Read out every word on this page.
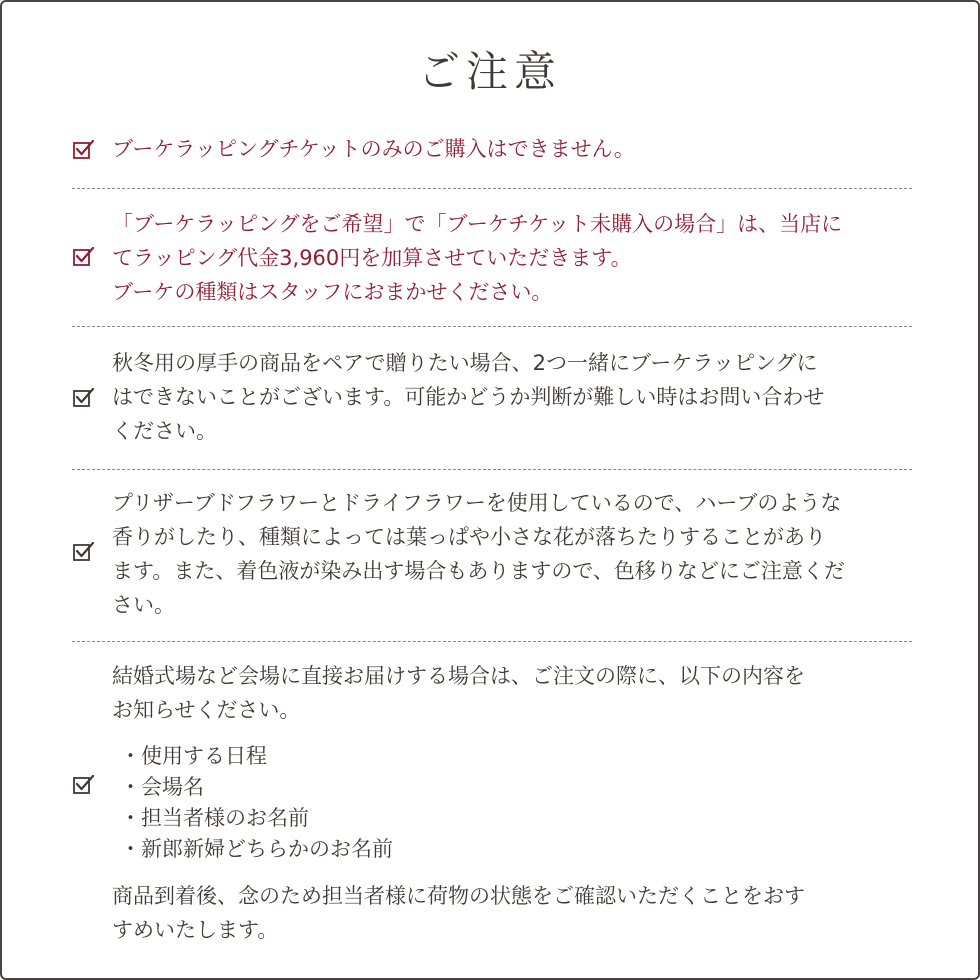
ご注意
ブーケラッピングチケットのみのご購入はできません。
「ブーケラッピングをご希望」で「ブーケチケット未購入の場合」は、当店に
てラッピング代金3,960円を加算させていただきます。
ブーケの種類はスタッフにおまかせください。
秋冬用の厚手の商品をペアで贈りたい場合、2つ一緒にブーケラッピングに
はできないことがございます。可能かどうか判断が難しい時はお問い合わせ
ください。
プリザーブドフラワーとドライフラワーを使用しているので、ハーブのような
香りがしたり、種類によっては葉っぱや小さな花が落ちたりすることがあり
ます。また、着色液が染み出す場合もありますので、色移りなどにご注意くだ
さい。
結婚式場など会場に直接お届けする場合は、ご注文の際に、以下の内容を
お知らせください。
・使用する日程
・会場名
・担当者様のお名前
・新郎新婦どちらかのお名前
商品到着後、念のため担当者様に荷物の状態をご確認いただくことをおす
すめいたします。
